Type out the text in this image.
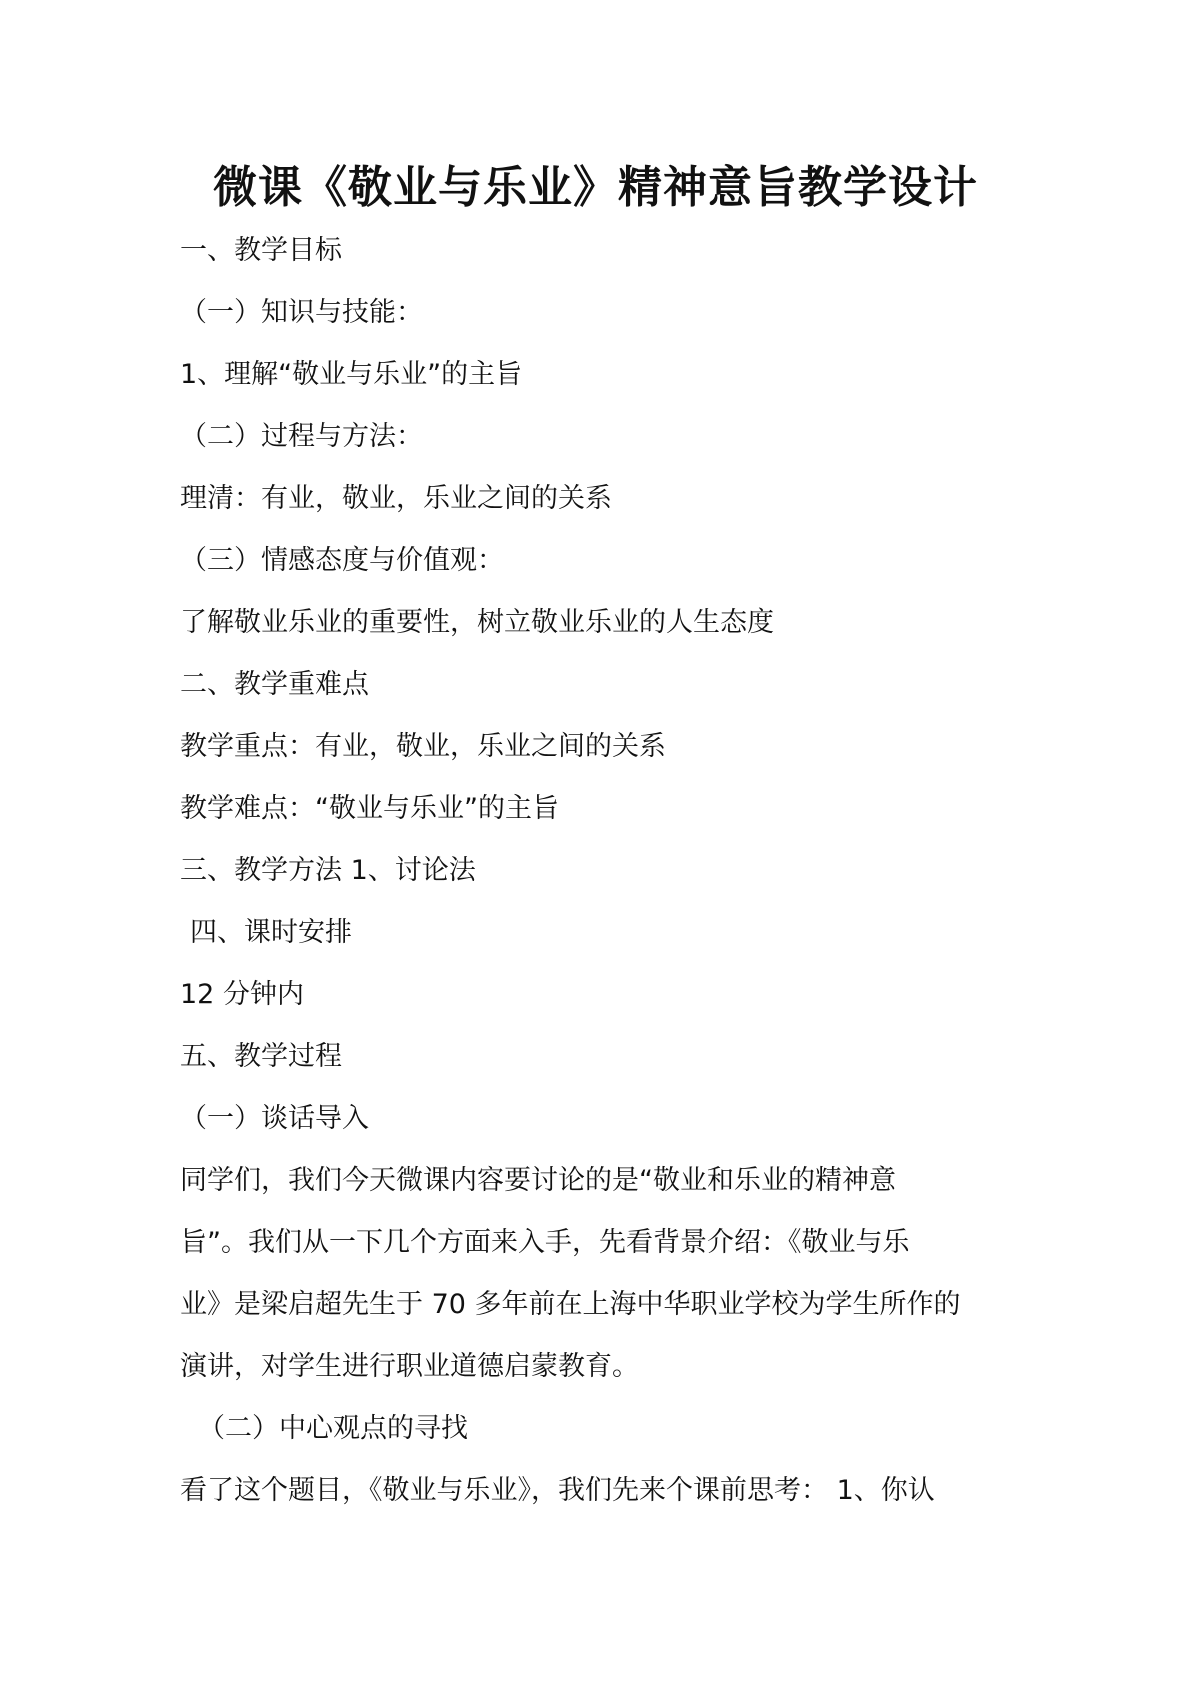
微课《敬业与乐业》精神意旨教学设计
一、教学目标
（一）知识与技能：
1、理解“敬业与乐业”的主旨
（二）过程与方法：
理清：有业，敬业，乐业之间的关系
（三）情感态度与价值观：
了解敬业乐业的重要性，树立敬业乐业的人生态度
二、教学重难点
教学重点：有业，敬业，乐业之间的关系
教学难点：“敬业与乐业”的主旨
三、教学方法 1、讨论法
四、课时安排
12 分钟内
五、教学过程
（一）谈话导入
同学们，我们今天微课内容要讨论的是“敬业和乐业的精神意
旨”。我们从一下几个方面来入手，先看背景介绍：《敬业与乐
业》是梁启超先生于 70 多年前在上海中华职业学校为学生所作的
演讲，对学生进行职业道德启蒙教育。
（二）中心观点的寻找
看了这个题目，《敬业与乐业》，我们先来个课前思考： 1、你认
